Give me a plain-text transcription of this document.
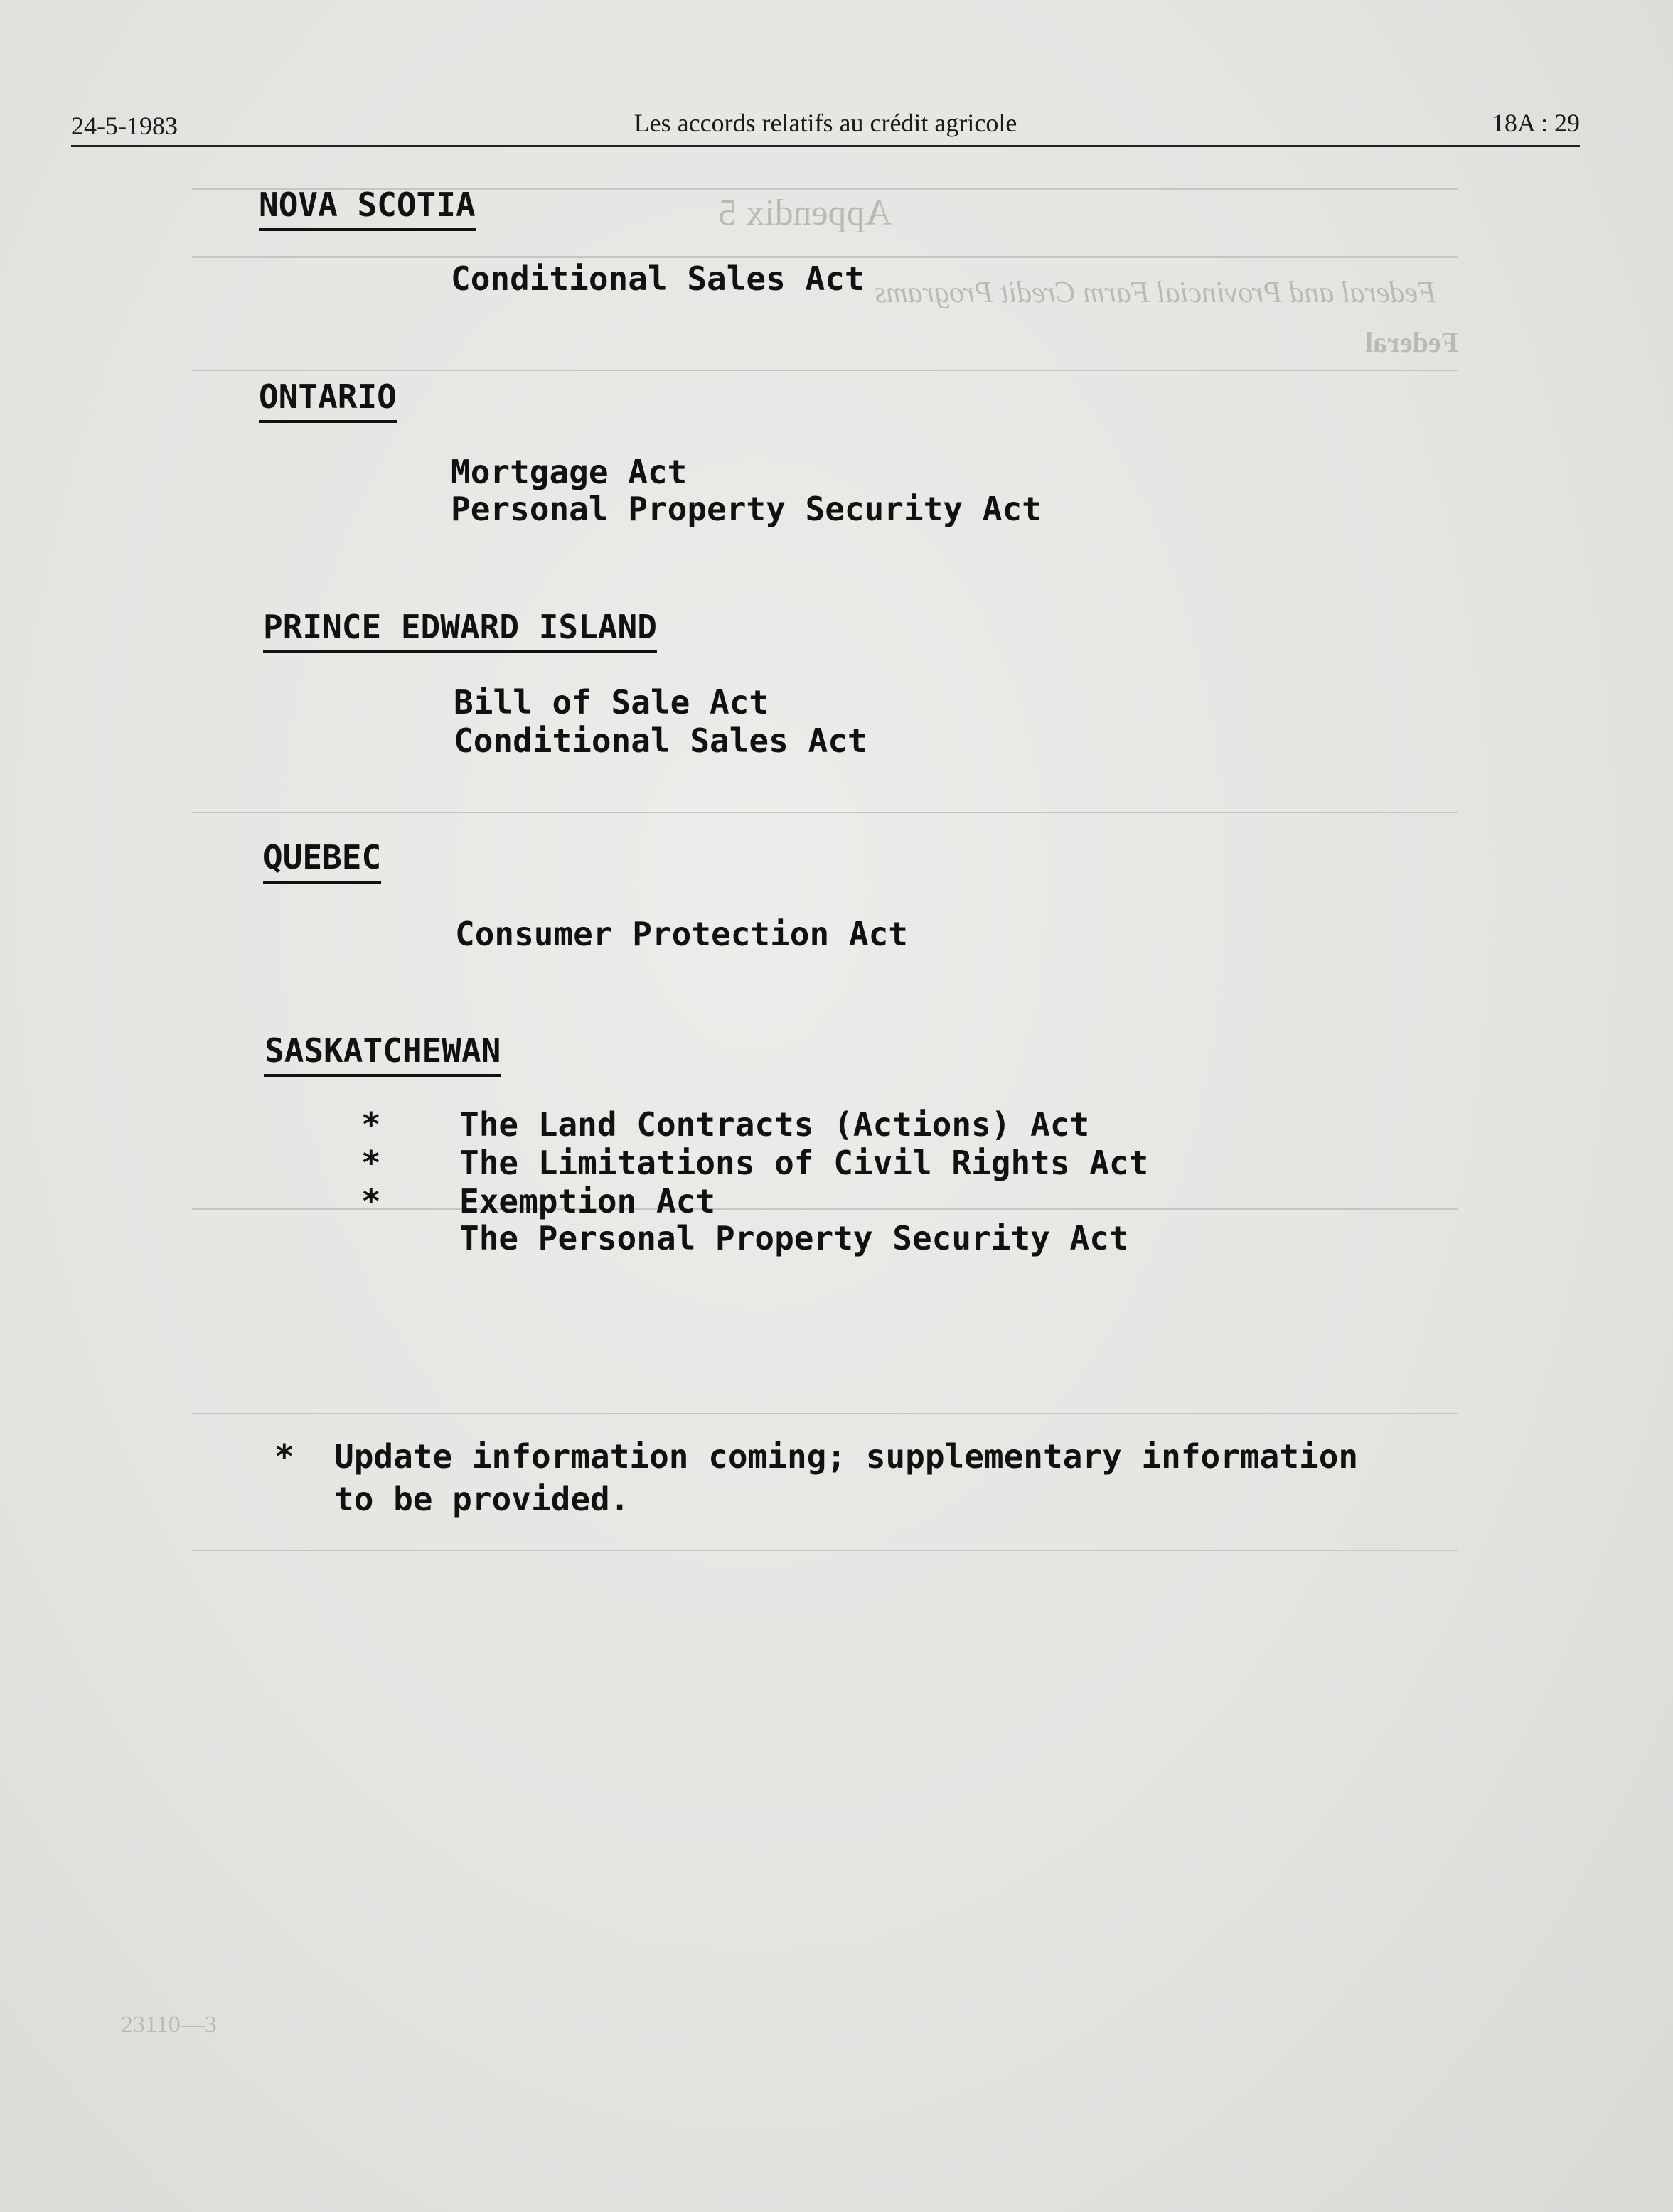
Appendix 5
Federal and Provincial Farm Credit Programs
Federal
23110—3
24-5-1983	Les accords relatifs au crédit agricole	18A : 29
NOVA SCOTIA
Conditional Sales Act
ONTARIO
Mortgage Act
Personal Property Security Act
PRINCE EDWARD ISLAND
Bill of Sale Act
Conditional Sales Act
QUEBEC
Consumer Protection Act
SASKATCHEWAN
* The Land Contracts (Actions) Act
* The Limitations of Civil Rights Act
* Exemption Act
The Personal Property Security Act
* Update information coming; supplementary information to be provided.
